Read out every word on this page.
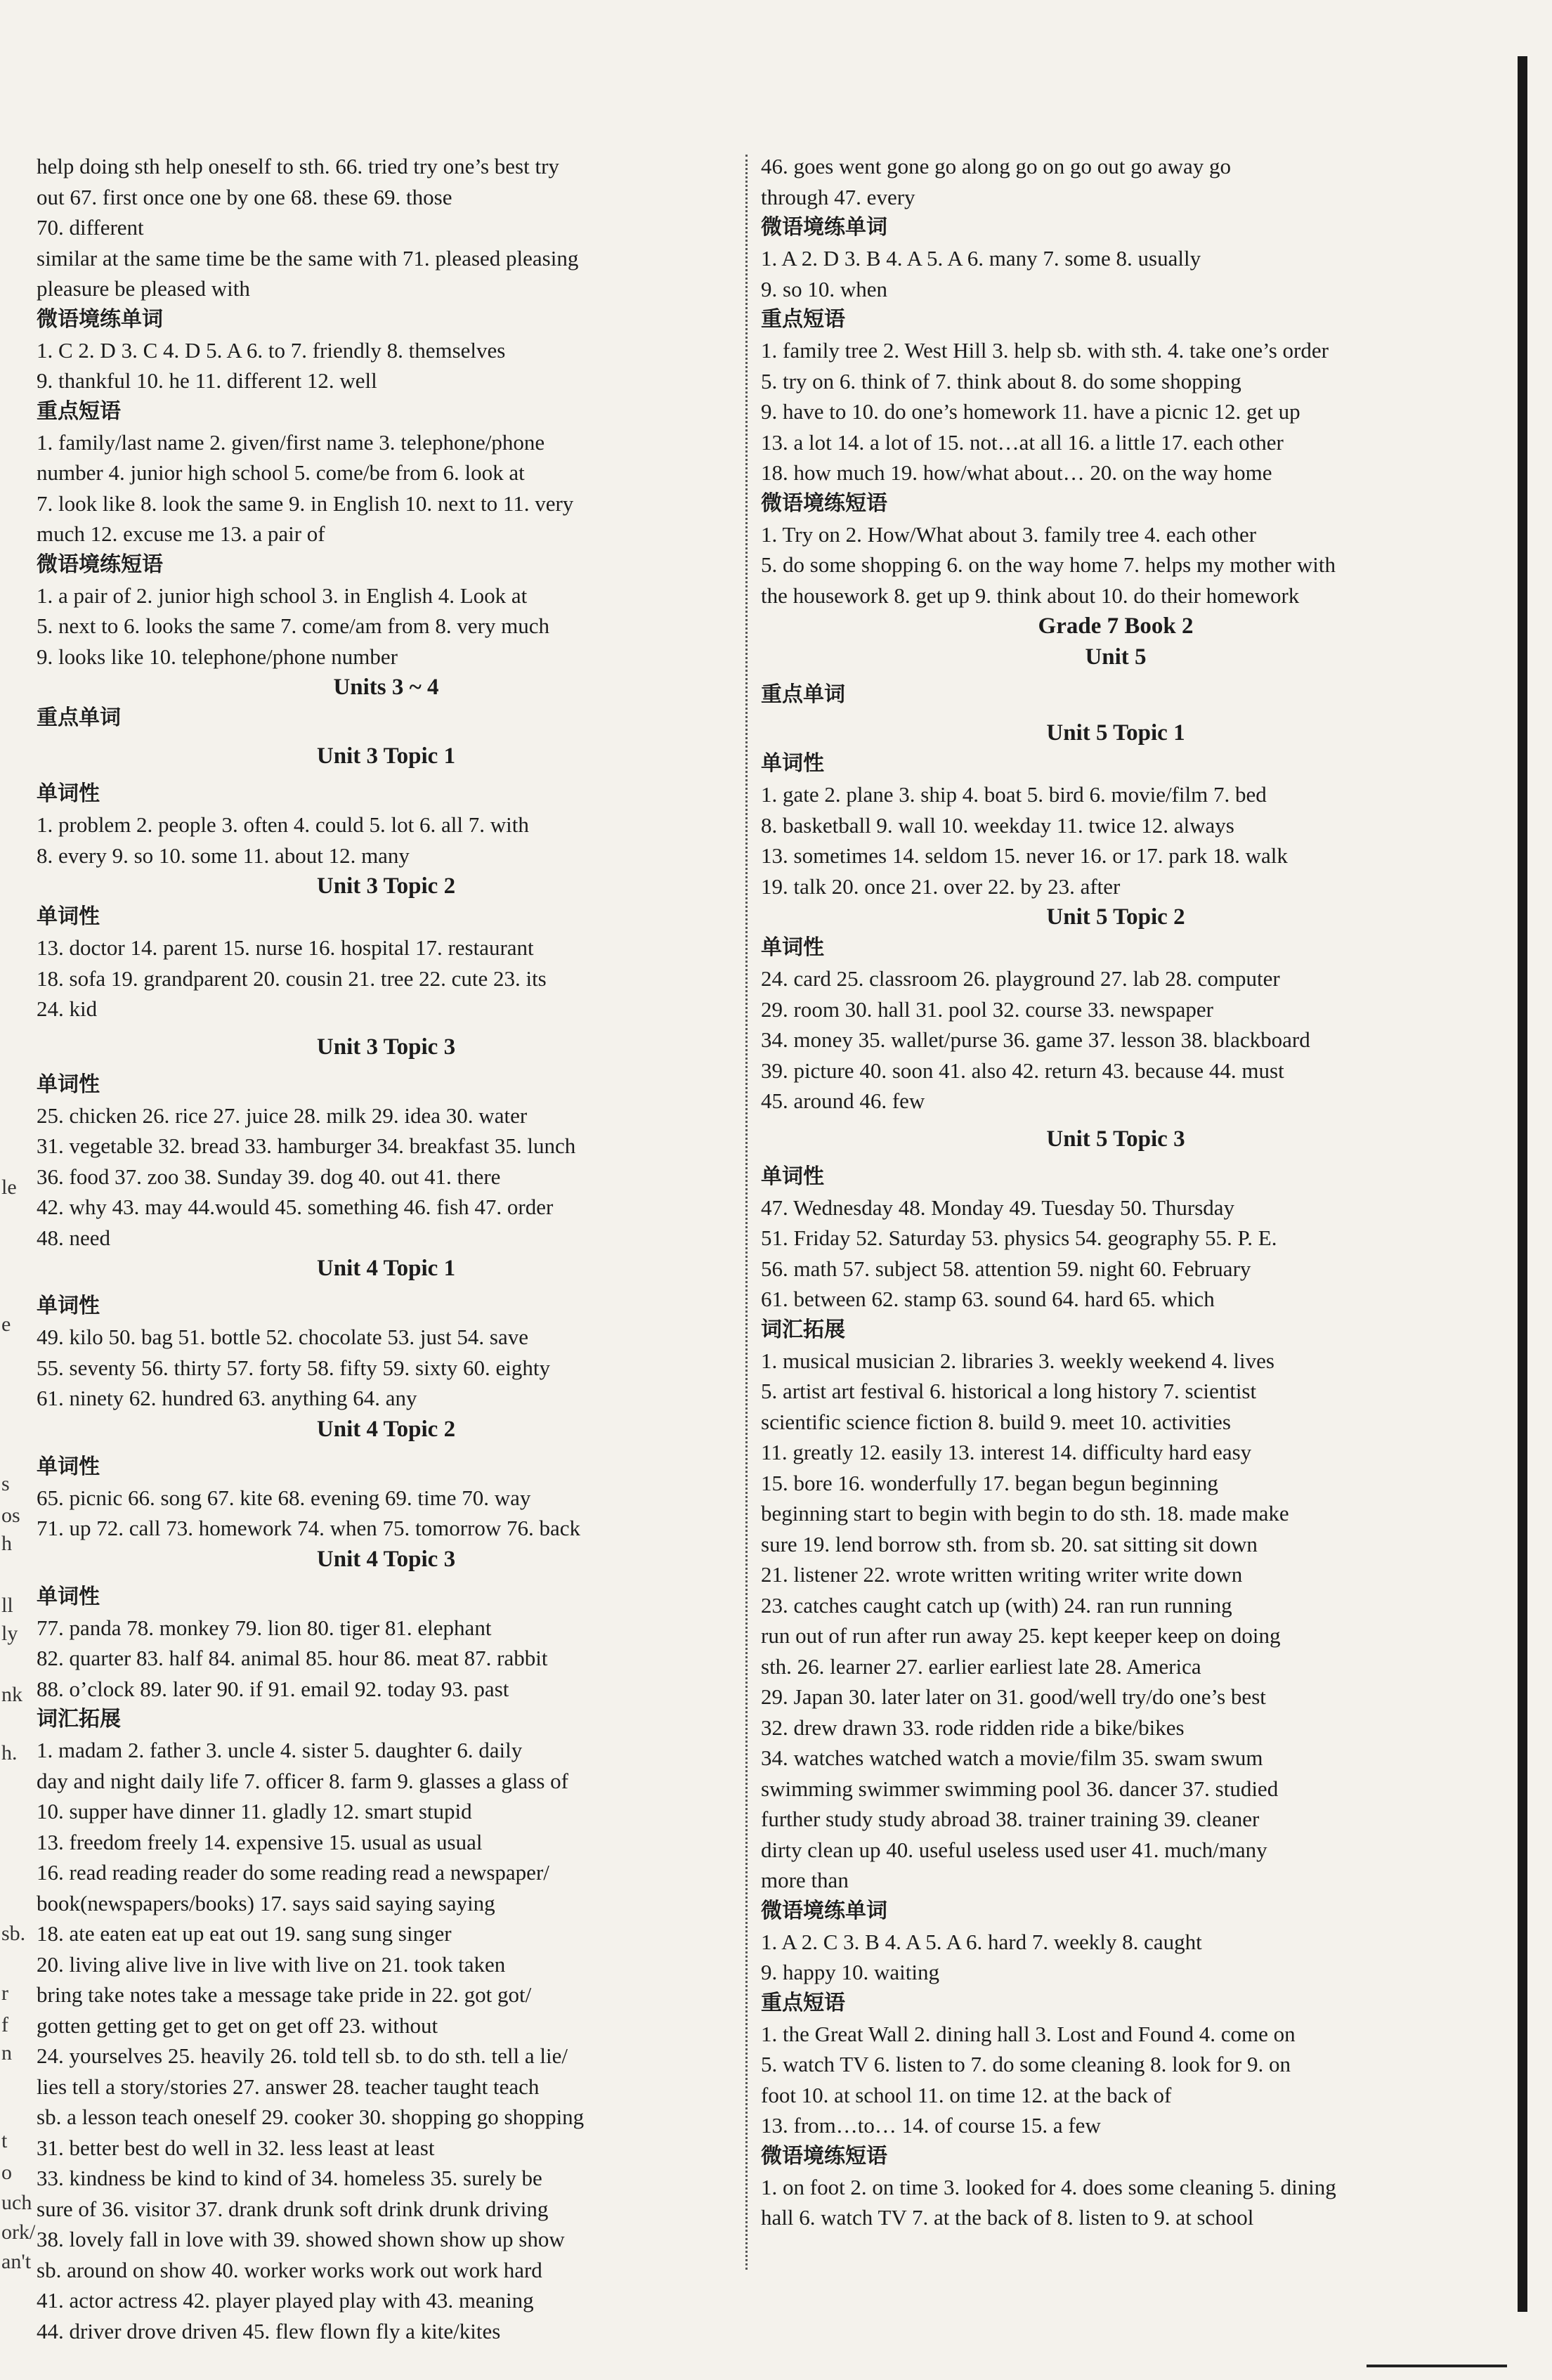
le
e
s
os
h
ll
ly
nk
h.
sb.
r
f
n
t
o
uch
ork/
an't
help doing sth help oneself to sth. 66. tried try one’s best try
out 67. first once one by one 68. these 69. those
70. different
similar at the same time be the same with 71. pleased pleasing
pleasure be pleased with
微语境练单词
1. C 2. D 3. C 4. D 5. A 6. to 7. friendly 8. themselves
9. thankful 10. he 11. different 12. well
重点短语
1. family/last name 2. given/first name 3. telephone/phone
number 4. junior high school 5. come/be from 6. look at
7. look like 8. look the same 9. in English 10. next to 11. very
much 12. excuse me 13. a pair of
微语境练短语
1. a pair of 2. junior high school 3. in English 4. Look at
5. next to 6. looks the same 7. come/am from 8. very much
9. looks like 10. telephone/phone number
Units 3 ~ 4
重点单词
Unit 3 Topic 1
单词性
1. problem 2. people 3. often 4. could 5. lot 6. all 7. with
8. every 9. so 10. some 11. about 12. many
Unit 3 Topic 2
单词性
13. doctor 14. parent 15. nurse 16. hospital 17. restaurant
18. sofa 19. grandparent 20. cousin 21. tree 22. cute 23. its
24. kid
Unit 3 Topic 3
单词性
25. chicken 26. rice 27. juice 28. milk 29. idea 30. water
31. vegetable 32. bread 33. hamburger 34. breakfast 35. lunch
36. food 37. zoo 38. Sunday 39. dog 40. out 41. there
42. why 43. may 44.would 45. something 46. fish 47. order
48. need
Unit 4 Topic 1
单词性
49. kilo 50. bag 51. bottle 52. chocolate 53. just 54. save
55. seventy 56. thirty 57. forty 58. fifty 59. sixty 60. eighty
61. ninety 62. hundred 63. anything 64. any
Unit 4 Topic 2
单词性
65. picnic 66. song 67. kite 68. evening 69. time 70. way
71. up 72. call 73. homework 74. when 75. tomorrow 76. back
Unit 4 Topic 3
单词性
77. panda 78. monkey 79. lion 80. tiger 81. elephant
82. quarter 83. half 84. animal 85. hour 86. meat 87. rabbit
88. o’clock 89. later 90. if 91. email 92. today 93. past
词汇拓展
1. madam 2. father 3. uncle 4. sister 5. daughter 6. daily
day and night daily life 7. officer 8. farm 9. glasses a glass of
10. supper have dinner 11. gladly 12. smart stupid
13. freedom freely 14. expensive 15. usual as usual
16. read reading reader do some reading read a newspaper/
book(newspapers/books) 17. says said saying saying
18. ate eaten eat up eat out 19. sang sung singer
20. living alive live in live with live on 21. took taken
bring take notes take a message take pride in 22. got got/
gotten getting get to get on get off 23. without
24. yourselves 25. heavily 26. told tell sb. to do sth. tell a lie/
lies tell a story/stories 27. answer 28. teacher taught teach
sb. a lesson teach oneself 29. cooker 30. shopping go shopping
31. better best do well in 32. less least at least
33. kindness be kind to kind of 34. homeless 35. surely be
sure of 36. visitor 37. drank drunk soft drink drunk driving
38. lovely fall in love with 39. showed shown show up show
sb. around on show 40. worker works work out work hard
41. actor actress 42. player played play with 43. meaning
44. driver drove driven 45. flew flown fly a kite/kites
46. goes went gone go along go on go out go away go
through 47. every
微语境练单词
1. A 2. D 3. B 4. A 5. A 6. many 7. some 8. usually
9. so 10. when
重点短语
1. family tree 2. West Hill 3. help sb. with sth. 4. take one’s order
5. try on 6. think of 7. think about 8. do some shopping
9. have to 10. do one’s homework 11. have a picnic 12. get up
13. a lot 14. a lot of 15. not…at all 16. a little 17. each other
18. how much 19. how/what about… 20. on the way home
微语境练短语
1. Try on 2. How/What about 3. family tree 4. each other
5. do some shopping 6. on the way home 7. helps my mother with
the housework 8. get up 9. think about 10. do their homework
Grade 7 Book 2
Unit 5
重点单词
Unit 5 Topic 1
单词性
1. gate 2. plane 3. ship 4. boat 5. bird 6. movie/film 7. bed
8. basketball 9. wall 10. weekday 11. twice 12. always
13. sometimes 14. seldom 15. never 16. or 17. park 18. walk
19. talk 20. once 21. over 22. by 23. after
Unit 5 Topic 2
单词性
24. card 25. classroom 26. playground 27. lab 28. computer
29. room 30. hall 31. pool 32. course 33. newspaper
34. money 35. wallet/purse 36. game 37. lesson 38. blackboard
39. picture 40. soon 41. also 42. return 43. because 44. must
45. around 46. few
Unit 5 Topic 3
单词性
47. Wednesday 48. Monday 49. Tuesday 50. Thursday
51. Friday 52. Saturday 53. physics 54. geography 55. P. E.
56. math 57. subject 58. attention 59. night 60. February
61. between 62. stamp 63. sound 64. hard 65. which
词汇拓展
1. musical musician 2. libraries 3. weekly weekend 4. lives
5. artist art festival 6. historical a long history 7. scientist
scientific science fiction 8. build 9. meet 10. activities
11. greatly 12. easily 13. interest 14. difficulty hard easy
15. bore 16. wonderfully 17. began begun beginning
beginning start to begin with begin to do sth. 18. made make
sure 19. lend borrow sth. from sb. 20. sat sitting sit down
21. listener 22. wrote written writing writer write down
23. catches caught catch up (with) 24. ran run running
run out of run after run away 25. kept keeper keep on doing
sth. 26. learner 27. earlier earliest late 28. America
29. Japan 30. later later on 31. good/well try/do one’s best
32. drew drawn 33. rode ridden ride a bike/bikes
34. watches watched watch a movie/film 35. swam swum
swimming swimmer swimming pool 36. dancer 37. studied
further study study abroad 38. trainer training 39. cleaner
dirty clean up 40. useful useless used user 41. much/many
more than
微语境练单词
1. A 2. C 3. B 4. A 5. A 6. hard 7. weekly 8. caught
9. happy 10. waiting
重点短语
1. the Great Wall 2. dining hall 3. Lost and Found 4. come on
5. watch TV 6. listen to 7. do some cleaning 8. look for 9. on
foot 10. at school 11. on time 12. at the back of
13. from…to… 14. of course 15. a few
微语境练短语
1. on foot 2. on time 3. looked for 4. does some cleaning 5. dining
hall 6. watch TV 7. at the back of 8. listen to 9. at school
